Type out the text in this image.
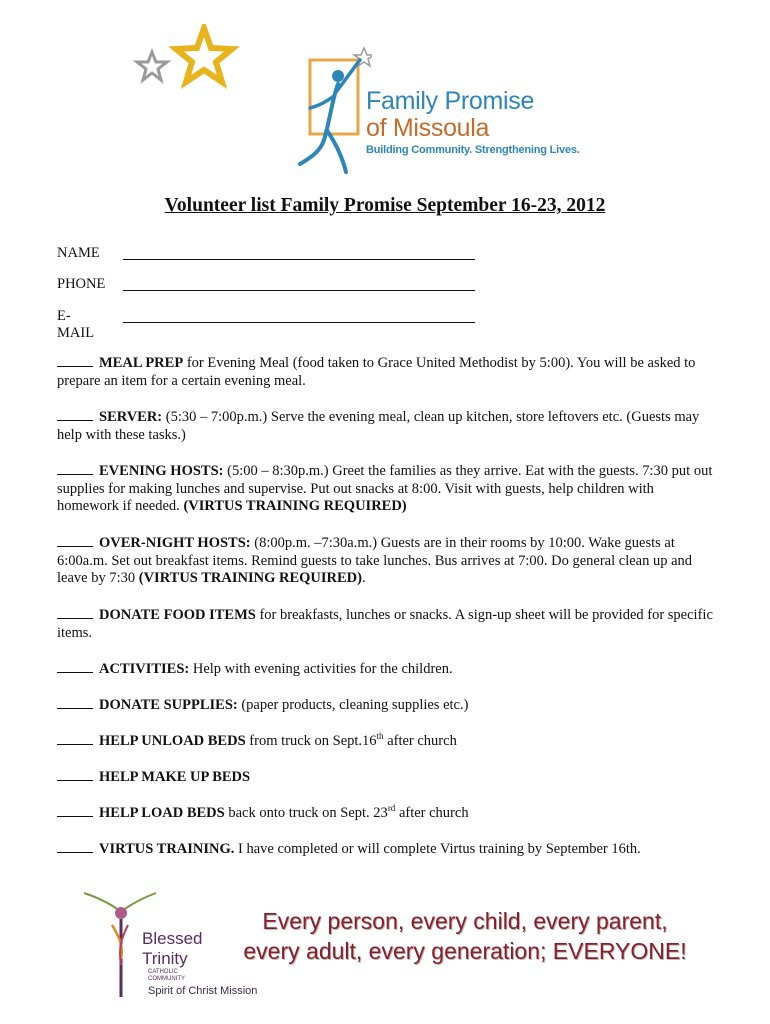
Family Promise
of Missoula
Building Community. Strengthening Lives.
Volunteer list Family Promise September 16-23, 2012
NAME
PHONE
E-MAIL
MEAL PREP for Evening Meal (food taken to Grace United Methodist by 5:00). You will be asked to prepare an item for a certain evening meal.
SERVER: (5:30 – 7:00p.m.) Serve the evening meal, clean up kitchen, store leftovers etc. (Guests may help with these tasks.)
EVENING HOSTS: (5:00 – 8:30p.m.) Greet the families as they arrive. Eat with the guests. 7:30 put out supplies for making lunches and supervise. Put out snacks at 8:00. Visit with guests, help children with homework if needed. (VIRTUS TRAINING REQUIRED)
OVER-NIGHT HOSTS: (8:00p.m. –7:30a.m.) Guests are in their rooms by 10:00. Wake guests at 6:00a.m. Set out breakfast items. Remind guests to take lunches. Bus arrives at 7:00. Do general clean up and leave by 7:30 (VIRTUS TRAINING REQUIRED).
DONATE FOOD ITEMS for breakfasts, lunches or snacks. A sign-up sheet will be provided for specific items.
ACTIVITIES: Help with evening activities for the children.
DONATE SUPPLIES: (paper products, cleaning supplies etc.)
HELP UNLOAD BEDS from truck on Sept.16th after church
HELP MAKE UP BEDS
HELP LOAD BEDS back onto truck on Sept. 23rd after church
VIRTUS TRAINING. I have completed or will complete Virtus training by September 16th.
Blessed
Trinity
CATHOLIC
COMMUNITY
Spirit of Christ Mission
Every person, every child, every parent,
every adult, every generation; EVERYONE!
